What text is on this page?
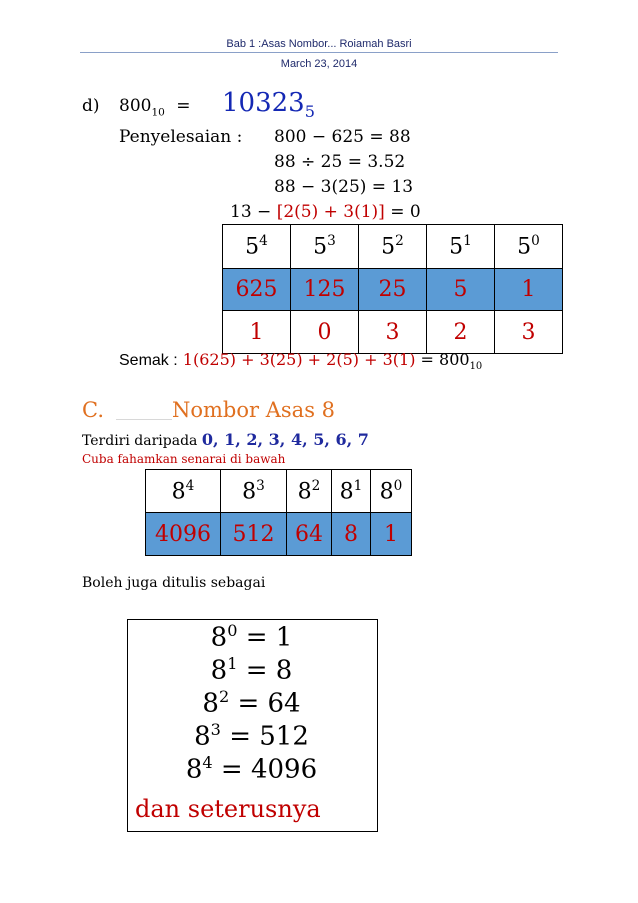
Bab 1 :Asas Nombor... Roiamah Basri
March 23, 2014
d) $800_{10} = 10323_5$
Penyelesaian : 800 − 625 = 88
88 ÷ 25 = 3.52
88 − 3(25) = 13
13 − [2(5) + 3(1)] = 0
$5^4$	$5^3$	$5^2$	$5^1$	$5^0$
625	125	25	5	1
1	0	3	2	3
Semak : $1(625) + 3(25) + 2(5) + 3(1) = 800_{10}$
C.	Nombor Asas 8
Terdiri daripada 0, 1, 2, 3, 4, 5, 6, 7
Cuba fahamkan senarai di bawah
$8^4$	$8^3$	$8^2$	$8^1$	$8^0$
4096	512	64	8	1
Boleh juga ditulis sebagai
$8^0 = 1$
$8^1 = 8$
$8^2 = 64$
$8^3 = 512$
$8^4 = 4096$
dan seterusnya
